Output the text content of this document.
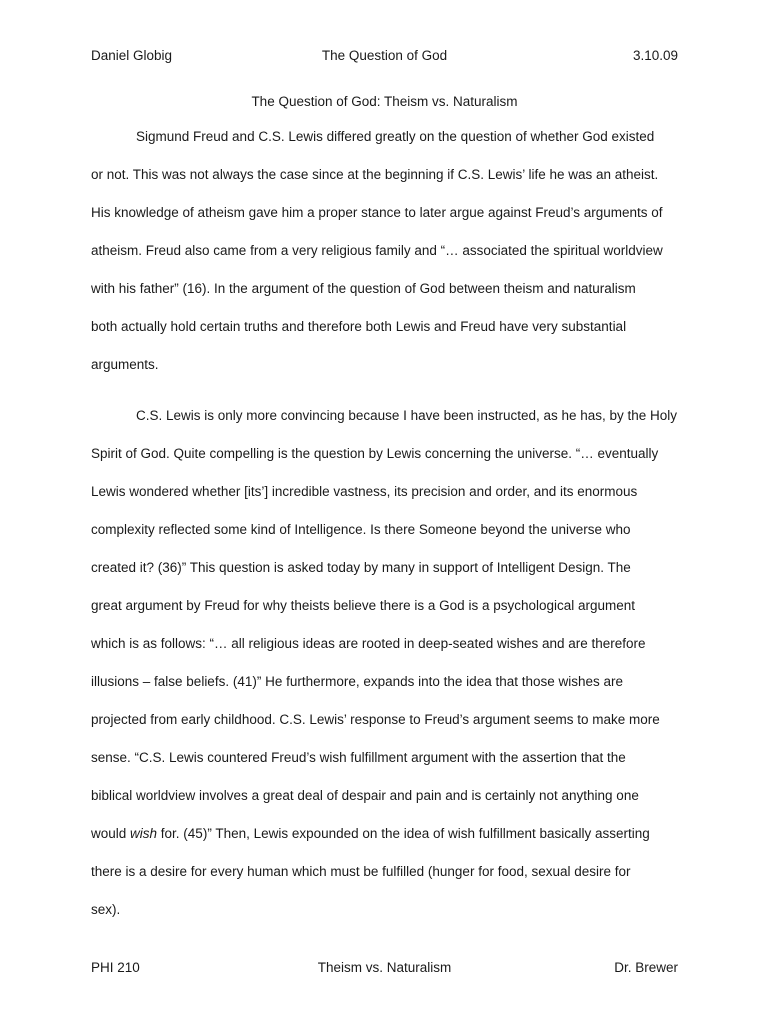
Daniel Globig	The Question of God	3.10.09
The Question of God: Theism vs. Naturalism
Sigmund Freud and C.S. Lewis differed greatly on the question of whether God existed
or not. This was not always the case since at the beginning if C.S. Lewis’ life he was an atheist.
His knowledge of atheism gave him a proper stance to later argue against Freud’s arguments of
atheism. Freud also came from a very religious family and “… associated the spiritual worldview
with his father” (16). In the argument of the question of God between theism and naturalism
both actually hold certain truths and therefore both Lewis and Freud have very substantial
arguments.
C.S. Lewis is only more convincing because I have been instructed, as he has, by the Holy
Spirit of God. Quite compelling is the question by Lewis concerning the universe. “… eventually
Lewis wondered whether [its’] incredible vastness, its precision and order, and its enormous
complexity reflected some kind of Intelligence. Is there Someone beyond the universe who
created it? (36)” This question is asked today by many in support of Intelligent Design. The
great argument by Freud for why theists believe there is a God is a psychological argument
which is as follows: “… all religious ideas are rooted in deep-seated wishes and are therefore
illusions – false beliefs. (41)” He furthermore, expands into the idea that those wishes are
projected from early childhood. C.S. Lewis’ response to Freud’s argument seems to make more
sense. “C.S. Lewis countered Freud’s wish fulfillment argument with the assertion that the
biblical worldview involves a great deal of despair and pain and is certainly not anything one
would wish for. (45)” Then, Lewis expounded on the idea of wish fulfillment basically asserting
there is a desire for every human which must be fulfilled (hunger for food, sexual desire for
sex).
PHI 210	Theism vs. Naturalism	Dr. Brewer
